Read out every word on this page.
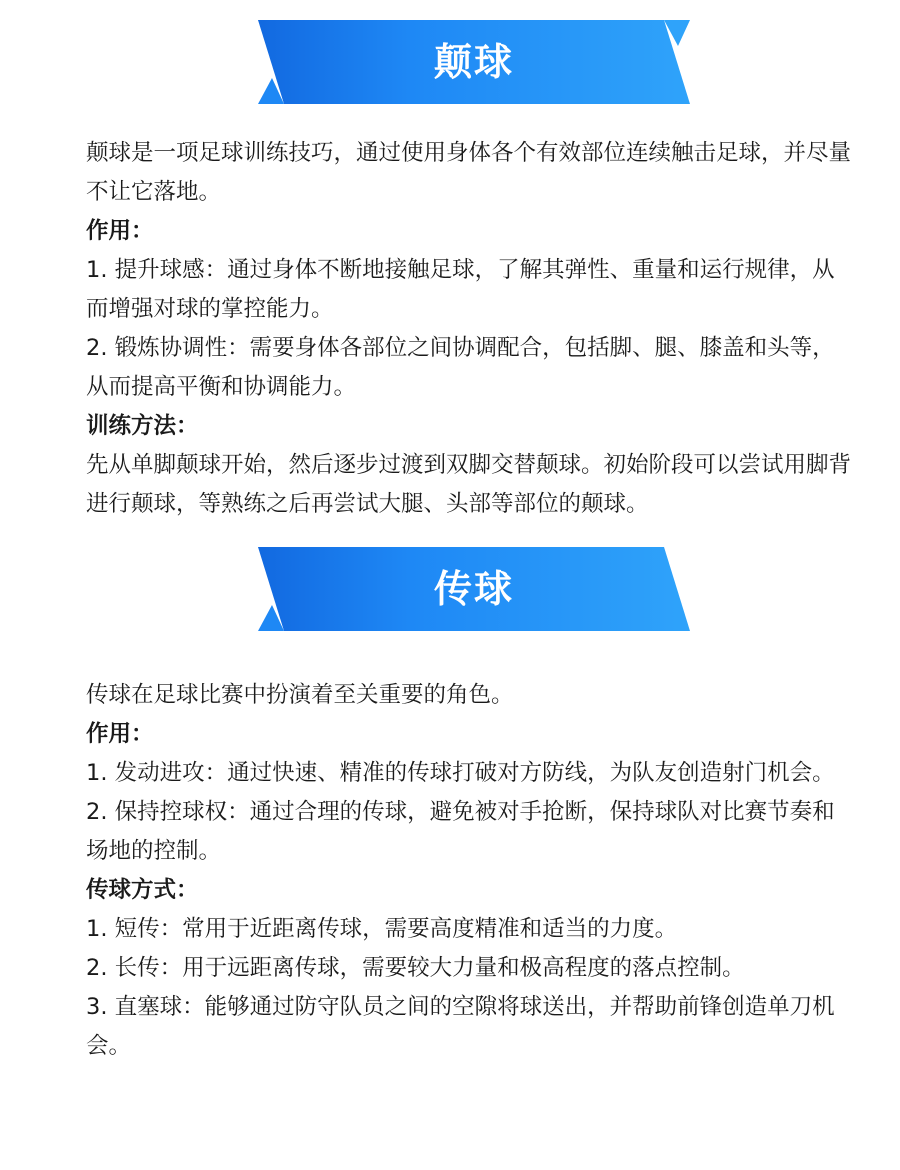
颠球

颠球是一项足球训练技巧，通过使用身体各个有效部位连续触击足球，并尽量不让它落地。

作用：

1. 提升球感：通过身体不断地接触足球，了解其弹性、重量和运行规律，从而增强对球的掌控能力。

2. 锻炼协调性：需要身体各部位之间协调配合，包括脚、腿、膝盖和头等，从而提高平衡和协调能力。

训练方法：

先从单脚颠球开始，然后逐步过渡到双脚交替颠球。初始阶段可以尝试用脚背进行颠球，等熟练之后再尝试大腿、头部等部位的颠球。

传球

传球在足球比赛中扮演着至关重要的角色。

作用：

1. 发动进攻：通过快速、精准的传球打破对方防线，为队友创造射门机会。

2. 保持控球权：通过合理的传球，避免被对手抢断，保持球队对比赛节奏和场地的控制。

传球方式：

1. 短传：常用于近距离传球，需要高度精准和适当的力度。

2. 长传：用于远距离传球，需要较大力量和极高程度的落点控制。

3. 直塞球：能够通过防守队员之间的空隙将球送出，并帮助前锋创造单刀机会。
